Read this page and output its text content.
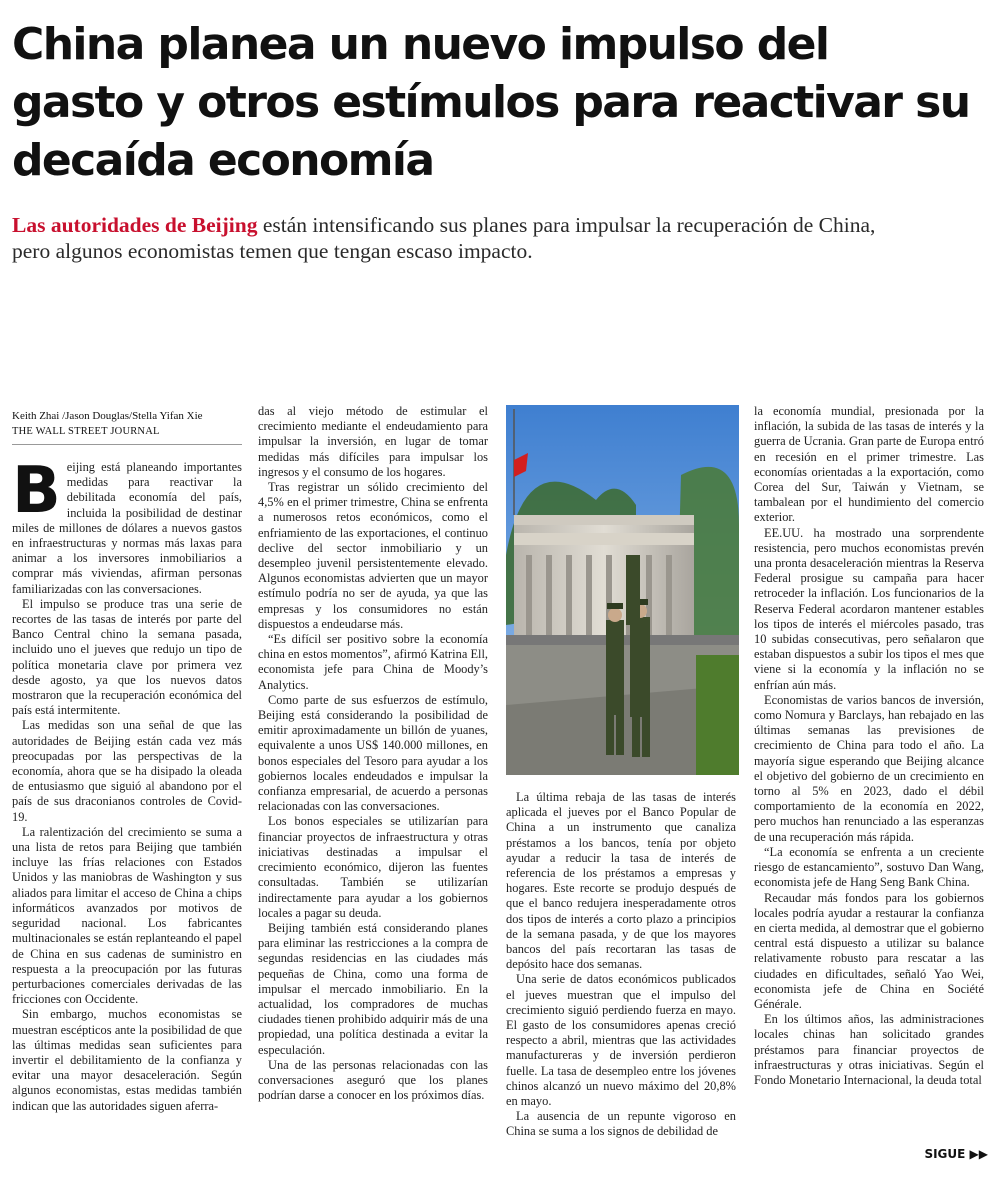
China planea un nuevo impulso del gasto y otros estímulos para reactivar su decaída economía

Las autoridades de Beijing están intensificando sus planes para impulsar la recuperación de China, pero algunos economistas temen que tengan escaso impacto.

Keith Zhai /Jason Douglas/Stella Yifan Xie
THE WALL STREET JOURNAL

Beijing está planeando importantes medidas para reactivar la debilitada economía del país, incluida la posibilidad de destinar miles de millones de dólares a nuevos gastos en infraestructuras y normas más laxas para animar a los inversores inmobiliarios a comprar más viviendas, afirman personas familiarizadas con las conversaciones.

El impulso se produce tras una serie de recortes de las tasas de interés por parte del Banco Central chino la semana pasada, incluido uno el jueves que redujo un tipo de política monetaria clave por primera vez desde agosto, ya que los nuevos datos mostraron que la recuperación económica del país está intermitente.

Las medidas son una señal de que las autoridades de Beijing están cada vez más preocupadas por las perspectivas de la economía, ahora que se ha disipado la oleada de entusiasmo que siguió al abandono por el país de sus draconianos controles de Covid-19.

La ralentización del crecimiento se suma a una lista de retos para Beijing que también incluye las frías relaciones con Estados Unidos y las maniobras de Washington y sus aliados para limitar el acceso de China a chips informáticos avanzados por motivos de seguridad nacional. Los fabricantes multinacionales se están replanteando el papel de China en sus cadenas de suministro en respuesta a la preocupación por las futuras perturbaciones comerciales derivadas de las fricciones con Occidente.

Sin embargo, muchos economistas se muestran escépticos ante la posibilidad de que las últimas medidas sean suficientes para invertir el debilitamiento de la confianza y evitar una mayor desaceleración. Según algunos economistas, estas medidas también indican que las autoridades siguen aferra-

das al viejo método de estimular el crecimiento mediante el endeudamiento para impulsar la inversión, en lugar de tomar medidas más difíciles para impulsar los ingresos y el consumo de los hogares.

Tras registrar un sólido crecimiento del 4,5% en el primer trimestre, China se enfrenta a numerosos retos económicos, como el enfriamiento de las exportaciones, el continuo declive del sector inmobiliario y un desempleo juvenil persistentemente elevado. Algunos economistas advierten que un mayor estímulo podría no ser de ayuda, ya que las empresas y los consumidores no están dispuestos a endeudarse más.

“Es difícil ser positivo sobre la economía china en estos momentos”, afirmó Katrina Ell, economista jefe para China de Moody’s Analytics.

Como parte de sus esfuerzos de estímulo, Beijing está considerando la posibilidad de emitir aproximadamente un billón de yuanes, equivalente a unos US$ 140.000 millones, en bonos especiales del Tesoro para ayudar a los gobiernos locales endeudados e impulsar la confianza empresarial, de acuerdo a personas relacionadas con las conversaciones.

Los bonos especiales se utilizarían para financiar proyectos de infraestructura y otras iniciativas destinadas a impulsar el crecimiento económico, dijeron las fuentes consultadas. También se utilizarían indirectamente para ayudar a los gobiernos locales a pagar su deuda.

Beijing también está considerando planes para eliminar las restricciones a la compra de segundas residencias en las ciudades más pequeñas de China, como una forma de impulsar el mercado inmobiliario. En la actualidad, los compradores de muchas ciudades tienen prohibido adquirir más de una propiedad, una política destinada a evitar la especulación.

Una de las personas relacionadas con las conversaciones aseguró que los planes podrían darse a conocer en los próximos días.

La última rebaja de las tasas de interés aplicada el jueves por el Banco Popular de China a un instrumento que canaliza préstamos a los bancos, tenía por objeto ayudar a reducir la tasa de interés de referencia de los préstamos a empresas y hogares. Este recorte se produjo después de que el banco redujera inesperadamente otros dos tipos de interés a corto plazo a principios de la semana pasada, y de que los mayores bancos del país recortaran las tasas de depósito hace dos semanas.

Una serie de datos económicos publicados el jueves muestran que el impulso del crecimiento siguió perdiendo fuerza en mayo. El gasto de los consumidores apenas creció respecto a abril, mientras que las actividades manufactureras y de inversión perdieron fuelle. La tasa de desempleo entre los jóvenes chinos alcanzó un nuevo máximo del 20,8% en mayo.

La ausencia de un repunte vigoroso en China se suma a los signos de debilidad de

la economía mundial, presionada por la inflación, la subida de las tasas de interés y la guerra de Ucrania. Gran parte de Europa entró en recesión en el primer trimestre. Las economías orientadas a la exportación, como Corea del Sur, Taiwán y Vietnam, se tambalean por el hundimiento del comercio exterior.

EE.UU. ha mostrado una sorprendente resistencia, pero muchos economistas prevén una pronta desaceleración mientras la Reserva Federal prosigue su campaña para hacer retroceder la inflación. Los funcionarios de la Reserva Federal acordaron mantener estables los tipos de interés el miércoles pasado, tras 10 subidas consecutivas, pero señalaron que estaban dispuestos a subir los tipos el mes que viene si la economía y la inflación no se enfrían aún más.

Economistas de varios bancos de inversión, como Nomura y Barclays, han rebajado en las últimas semanas las previsiones de crecimiento de China para todo el año. La mayoría sigue esperando que Beijing alcance el objetivo del gobierno de un crecimiento en torno al 5% en 2023, dado el débil comportamiento de la economía en 2022, pero muchos han renunciado a las esperanzas de una recuperación más rápida.

“La economía se enfrenta a un creciente riesgo de estancamiento”, sostuvo Dan Wang, economista jefe de Hang Seng Bank China.

Recaudar más fondos para los gobiernos locales podría ayudar a restaurar la confianza en cierta medida, al demostrar que el gobierno central está dispuesto a utilizar su balance relativamente robusto para rescatar a las ciudades en dificultades, señaló Yao Wei, economista jefe de China en Société Générale.

En los últimos años, las administraciones locales chinas han solicitado grandes préstamos para financiar proyectos de infraestructuras y otras iniciativas. Según el Fondo Monetario Internacional, la deuda total

SIGUE ▶▶
